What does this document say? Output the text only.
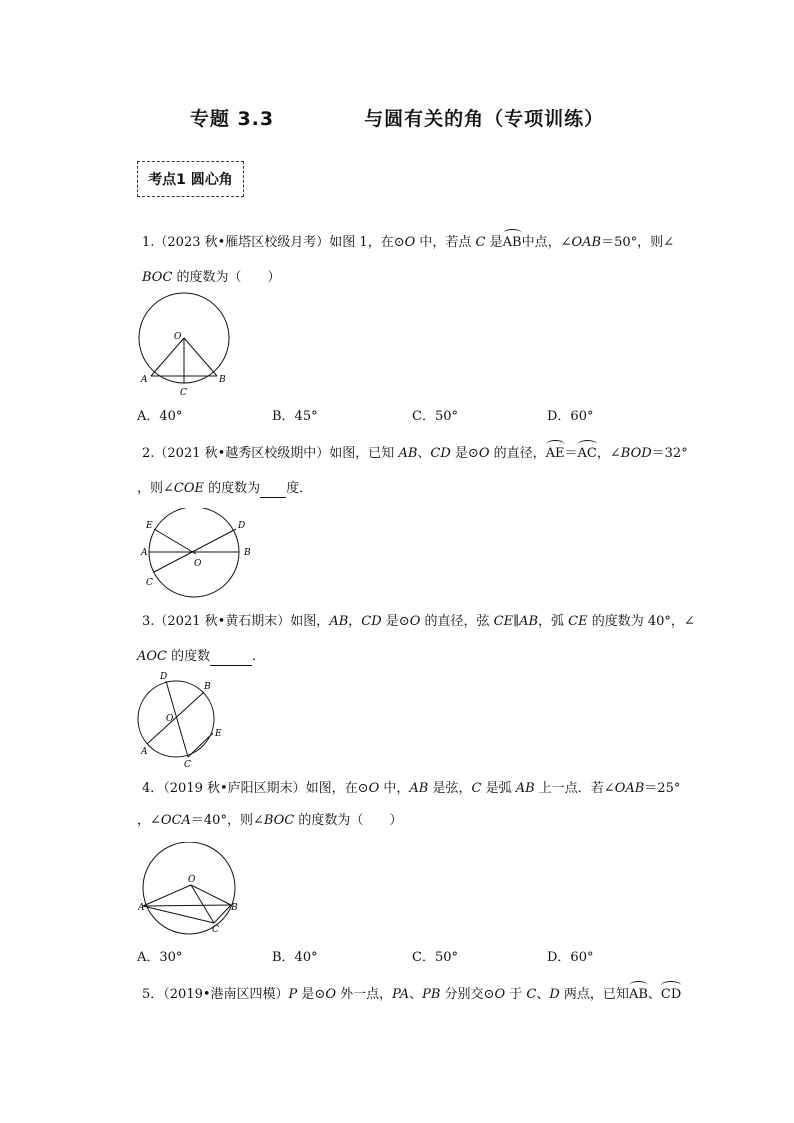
专题 3.3	与圆有关的角（专项训练）
考点1 圆心角
1.（2023 秋•雁塔区校级月考）如图 1，在⊙O 中，若点 C 是AB中点，∠OAB＝50°，则∠
BOC 的度数为（　　）
O
A	B
C
A．40°	B．45°	C．50°	D．60°
2.（2021 秋•越秀区校级期中）如图，已知 AB、CD 是⊙O 的直径，AE＝AC，∠BOD＝32°
，则∠COE 的度数为 度．
E	D
A	B
O
C
3.（2021 秋•黄石期末）如图，AB，CD 是⊙O 的直径，弦 CE∥AB，弧 CE 的度数为 40°，∠
AOC 的度数	．
D
B
O
E
A
C
4．（2019 秋•庐阳区期末）如图，在⊙O 中，AB 是弦，C 是弧 AB 上一点．若∠OAB＝25°
，∠OCA＝40°，则∠BOC 的度数为（　　）
O
A	B
C
A．30°	B．40°	C．50°	D．60°
5．（2019•港南区四模）P 是⊙O 外一点，PA、PB 分别交⊙O 于 C、D 两点，已知AB、CD
